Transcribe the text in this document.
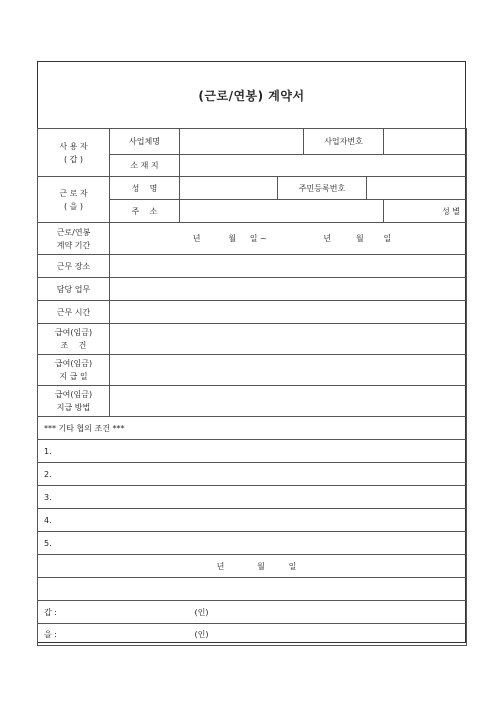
(근로/연봉) 계약서
사 용 자
( 갑 )	사업체명			사업자번호			
	소 재 지						

근 로 자
( 을 )	성    명		주민등록번호				
	주    소					성 별	

근로/연봉
계약 기간	년 월 일 ~ 년 월 일						
근무 장소							
담당 업무							
근무 시간							

급여(임금)
조    건							

급여(임금)
지 급 일							

급여(임금)
지급 방법							

*** 기타 협의 조건 ***							
1.							
2.							
3.							
4.							
5.							
년 월 일							

갑 : (인)							
을 : (인)							
